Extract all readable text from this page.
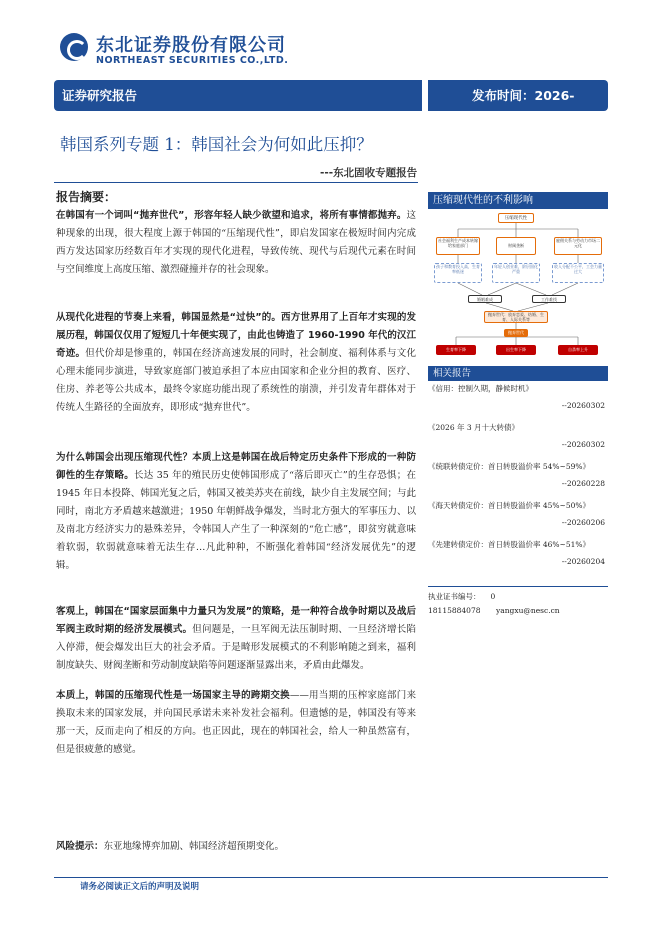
东北证券股份有限公司
NORTHEAST SECURITIES CO.,LTD.
证券研究报告	发布时间：2026-
韩国系列专题 1：韩国社会为何如此压抑？
---东北固收专题报告
报告摘要：
在韩国有一个词叫“抛弃世代”，形容年轻人缺少欲望和追求，将所有事情都抛弃。这种现象的出现，很大程度上源于韩国的“压缩现代性”，即启发国家在极短时间内完成西方发达国家历经数百年才实现的现代化进程，导致传统、现代与后现代元素在时间与空间维度上高度压缩、激烈碰撞并存的社会现象。
从现代化进程的节奏上来看，韩国显然是“过快”的。西方世界用了上百年才实现的发展历程，韩国仅仅用了短短几十年便实现了，由此也铸造了 1960-1990 年代的汉江奇迹。但代价却是惨重的，韩国在经济高速发展的同时，社会制度、福利体系与文化心理未能同步演进，导致家庭部门被迫承担了本应由国家和企业分担的教育、医疗、住房、养老等公共成本，最终令家庭功能出现了系统性的崩溃，并引发青年群体对于传统人生路径的全面放弃，即形成“抛弃世代”。
为什么韩国会出现压缩现代性？本质上这是韩国在战后特定历史条件下形成的一种防御性的生存策略。长达 35 年的殖民历史使韩国形成了“落后即灭亡”的生存恐惧；在 1945 年日本投降、韩国光复之后，韩国又被美苏夹在前线，缺少自主发展空间；与此同时，南北方矛盾越来越激进；1950 年朝鲜战争爆发，当时北方强大的军事压力、以及南北方经济实力的悬殊差异，令韩国人产生了一种深刻的“危亡感”，即贫穷就意味着软弱，软弱就意味着无法生存…凡此种种，不断强化着韩国“经济发展优先”的逻辑。
客观上，韩国在“国家层面集中力量只为发展”的策略，是一种符合战争时期以及战后军阀主政时期的经济发展模式。但问题是，一旦军阀无法压制时期、一旦经济增长陷入停滞，便会爆发出巨大的社会矛盾。于是畸形发展模式的不利影响随之到来，福利制度缺失、财阀垄断和劳动制度缺陷等问题逐渐显露出来，矛盾由此爆发。
本质上，韩国的压缩现代性是一场国家主导的跨期交换——用当期的压榨家庭部门来换取未来的国家发展，并向国民承诺未来补发社会福利。但遗憾的是，韩国没有等来那一天，反而走向了相反的方向。也正因此，现在的韩国社会，给人一种虽然富有，但是很疲惫的感觉。
压缩现代性的不利影响
压缩现代性
社会福利生产成本转嫁给家庭部门	财阀垄断
雇佣关系与劳动力市场二元化
孩子和教育投入高，生育率低迷
年轻人创业难，阶层固化严重
收入分配不公平，工会力量过大
婚姻难成	工作难找
抛弃世代：放弃恋爱、结婚、生育、人际关系等
抛弃世代
生育率下降	出生率下降	自杀率上升
相关报告
《信用：控制久期，静候时机》
--20260302
《2026 年 3 月十大转债》
--20260302
《统联转债定价：首日转股溢价率 54%~59%》
--20260228
《海天转债定价：首日转股溢价率 45%~50%》
--20260206
《先建转债定价：首日转股溢价率 46%~51%》
--20260204
执业证书编号： 0
18115884078 yangxu@nesc.cn
风险提示：东亚地缘博弈加剧、韩国经济超预期变化。
请务必阅读正文后的声明及说明
